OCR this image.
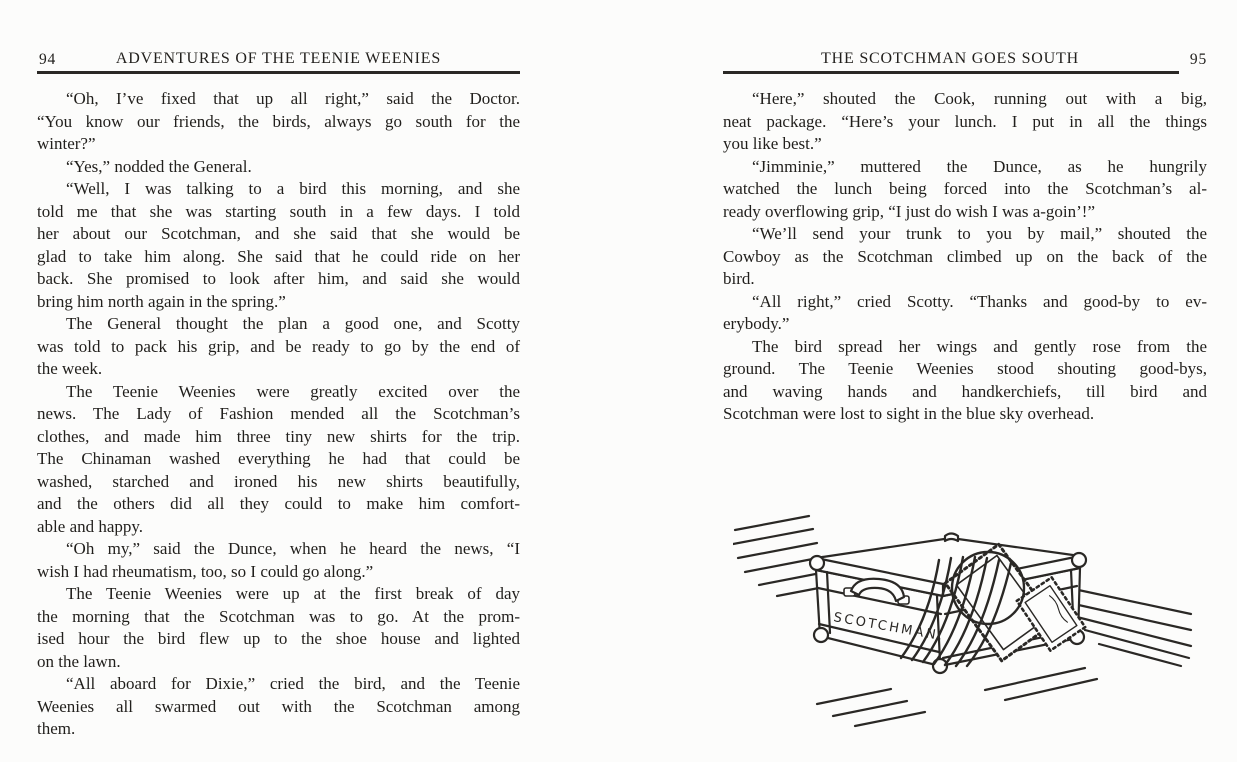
94	ADVENTURES OF THE TEENIE WEENIES
“Oh, I’ve fixed that up all right,” said the Doctor.
“You know our friends, the birds, always go south for the
winter?”
“Yes,” nodded the General.
“Well, I was talking to a bird this morning, and she
told me that she was starting south in a few days. I told
her about our Scotchman, and she said that she would be
glad to take him along. She said that he could ride on her
back. She promised to look after him, and said she would
bring him north again in the spring.”
The General thought the plan a good one, and Scotty
was told to pack his grip, and be ready to go by the end of
the week.
The Teenie Weenies were greatly excited over the
news. The Lady of Fashion mended all the Scotchman’s
clothes, and made him three tiny new shirts for the trip.
The Chinaman washed everything he had that could be
washed, starched and ironed his new shirts beautifully,
and the others did all they could to make him comfort-
able and happy.
“Oh my,” said the Dunce, when he heard the news, “I
wish I had rheumatism, too, so I could go along.”
The Teenie Weenies were up at the first break of day
the morning that the Scotchman was to go. At the prom-
ised hour the bird flew up to the shoe house and lighted
on the lawn.
“All aboard for Dixie,” cried the bird, and the Teenie
Weenies all swarmed out with the Scotchman among
them.
THE SCOTCHMAN GOES SOUTH	95
“Here,” shouted the Cook, running out with a big,
neat package. “Here’s your lunch. I put in all the things
you like best.”
“Jimminie,” muttered the Dunce, as he hungrily
watched the lunch being forced into the Scotchman’s al-
ready overflowing grip, “I just do wish I was a-goin’!”
“We’ll send your trunk to you by mail,” shouted the
Cowboy as the Scotchman climbed up on the back of the
bird.
“All right,” cried Scotty. “Thanks and good-by to ev-
erybody.”
The bird spread her wings and gently rose from the
ground. The Teenie Weenies stood shouting good-bys,
and waving hands and handkerchiefs, till bird and
Scotchman were lost to sight in the blue sky overhead.
SCOTCHMAN.
